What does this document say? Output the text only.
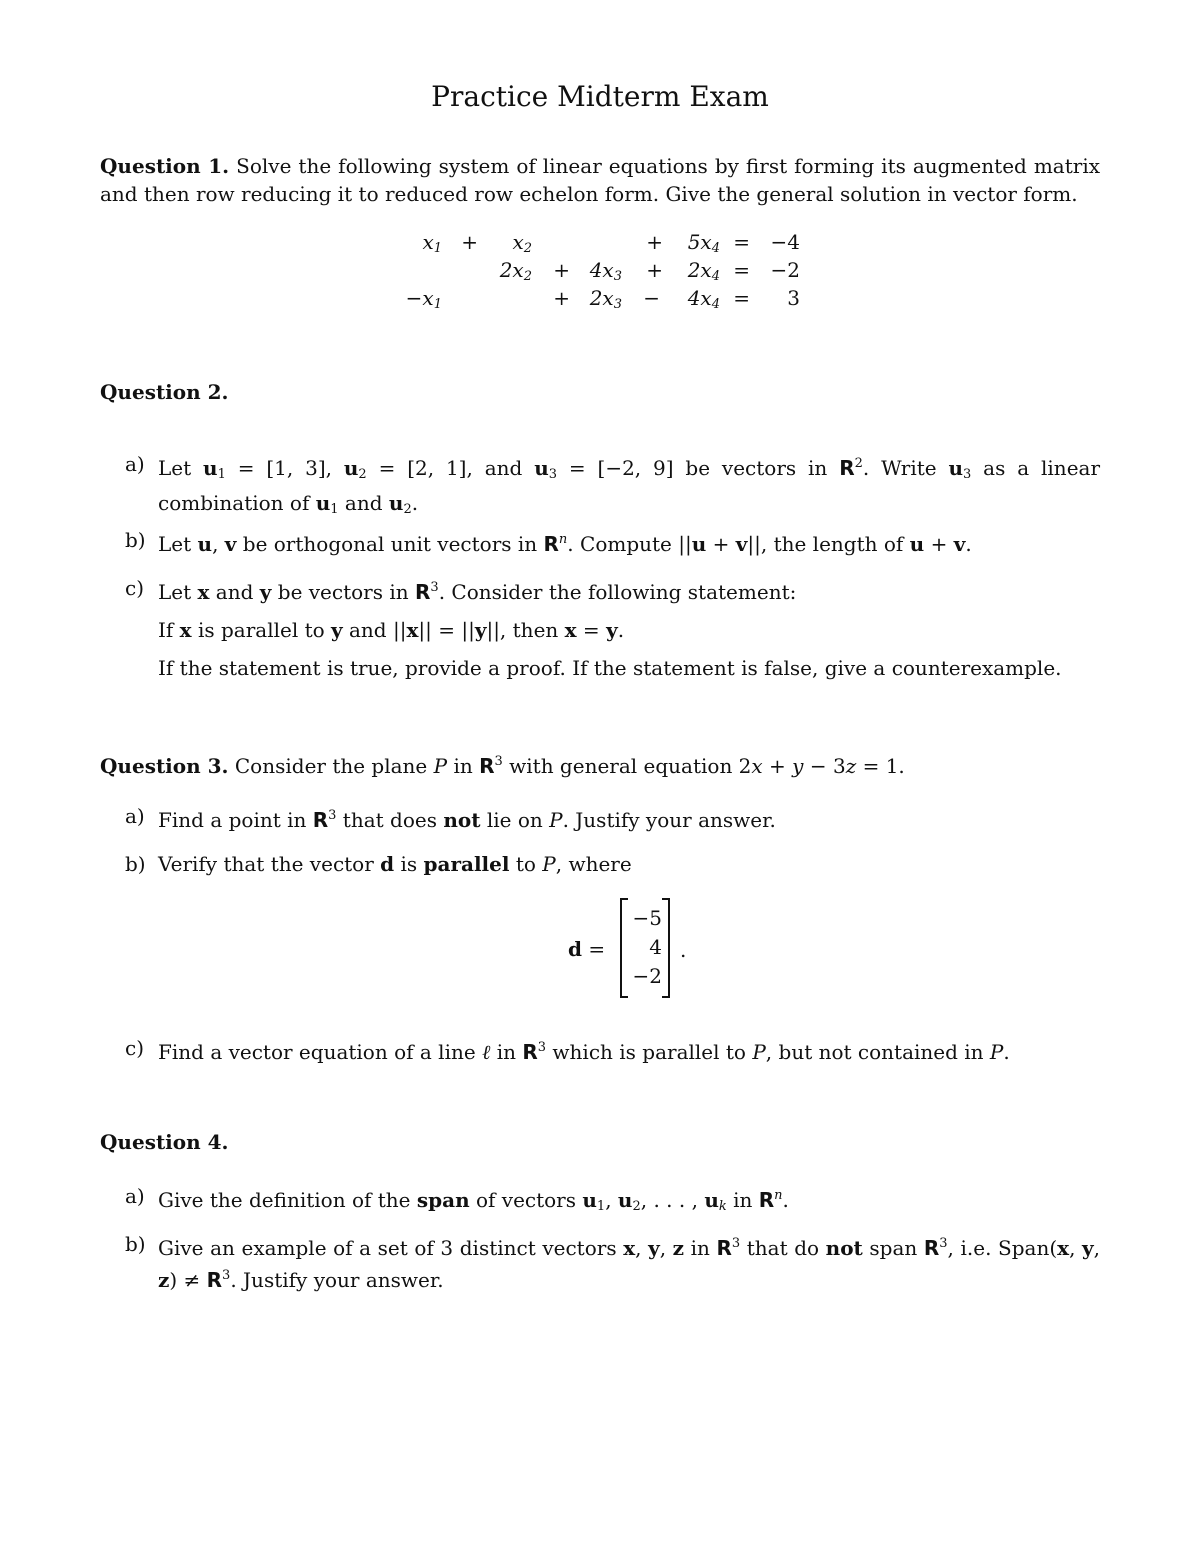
Practice Midterm Exam
Question 1. Solve the following system of linear equations by first forming its augmented matrix and then row reducing it to reduced row echelon form. Give the general solution in vector form.
$x_1 + x_2$	+ $5x_4 = -4$
$2x_2 + 4x_3 + 2x_4 = -2$
$-x_1$	+ $2x_3 - 4x_4 = 3$
Question 2.
a) Let $u_1 = [1$, 3], $u_2 = [2$, 1], and $u_3 = [-2$, 9] be vectors in $R^2$. Write $u_3$ as a linear combination of $u_1$ and $u_2$.
b) Let u, v be orthogonal unit vectors in $R^n$. Compute ||u + v||, the length of u + v.
c) Let x and y be vectors in $R^3$. Consider the following statement:
If x is parallel to y and ||x|| = ||y||, then x = y.
If the statement is true, provide a proof. If the statement is false, give a counterexample.
Question 3. Consider the plane P in $R^3$ with general equation 2x + y − 3z = 1.
a) Find a point in $R^3$ that does not lie on P. Justify your answer.
b) Verify that the vector d is parallel to P, where
d =
−5
4
−2
.
c) Find a vector equation of a line ℓ in $R^3$ which is parallel to P, but not contained in P.
Question 4.
a) Give the definition of the span of vectors $u_1$, $u_2$, . . . , $u_k$ in $R^n$.
b) Give an example of a set of 3 distinct vectors x, y, z in $R^3$ that do not span $R^3$, i.e. Span(x, y, $z) \ne R^3$. Justify your answer.
